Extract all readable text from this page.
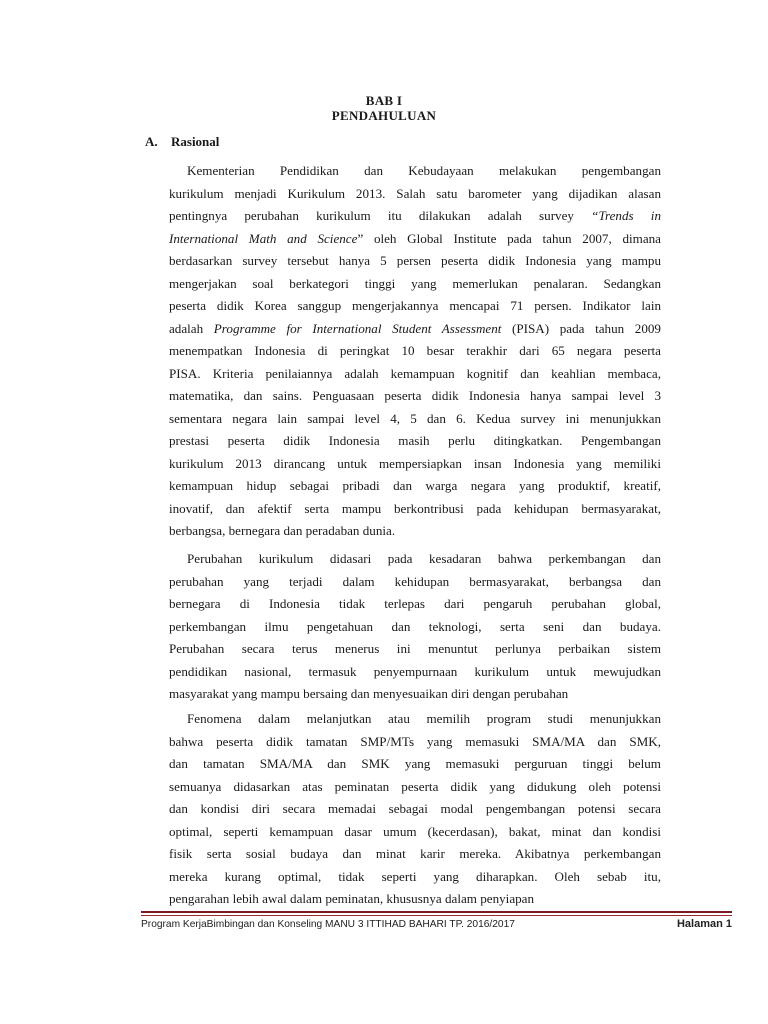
BAB I
PENDAHULUAN
A. Rasional
Kementerian Pendidikan dan Kebudayaan melakukan pengembangan
kurikulum menjadi Kurikulum 2013. Salah satu barometer yang dijadikan alasan
pentingnya perubahan kurikulum itu dilakukan adalah survey “Trends in
International Math and Science” oleh Global Institute pada tahun 2007, dimana
berdasarkan survey tersebut hanya 5 persen peserta didik Indonesia yang mampu
mengerjakan soal berkategori tinggi yang memerlukan penalaran. Sedangkan
peserta didik Korea sanggup mengerjakannya mencapai 71 persen. Indikator lain
adalah Programme for International Student Assessment (PISA) pada tahun 2009
menempatkan Indonesia di peringkat 10 besar terakhir dari 65 negara peserta
PISA. Kriteria penilaiannya adalah kemampuan kognitif dan keahlian membaca,
matematika, dan sains. Penguasaan peserta didik Indonesia hanya sampai level 3
sementara negara lain sampai level 4, 5 dan 6. Kedua survey ini menunjukkan
prestasi peserta didik Indonesia masih perlu ditingkatkan. Pengembangan
kurikulum 2013 dirancang untuk mempersiapkan insan Indonesia yang memiliki
kemampuan hidup sebagai pribadi dan warga negara yang produktif, kreatif,
inovatif, dan afektif serta mampu berkontribusi pada kehidupan bermasyarakat,
berbangsa, bernegara dan peradaban dunia.
Perubahan kurikulum didasari pada kesadaran bahwa perkembangan dan
perubahan yang terjadi dalam kehidupan bermasyarakat, berbangsa dan
bernegara di Indonesia tidak terlepas dari pengaruh perubahan global,
perkembangan ilmu pengetahuan dan teknologi, serta seni dan budaya.
Perubahan secara terus menerus ini menuntut perlunya perbaikan sistem
pendidikan nasional, termasuk penyempurnaan kurikulum untuk mewujudkan
masyarakat yang mampu bersaing dan menyesuaikan diri dengan perubahan
Fenomena dalam melanjutkan atau memilih program studi menunjukkan
bahwa peserta didik tamatan SMP/MTs yang memasuki SMA/MA dan SMK,
dan tamatan SMA/MA dan SMK yang memasuki perguruan tinggi belum
semuanya didasarkan atas peminatan peserta didik yang didukung oleh potensi
dan kondisi diri secara memadai sebagai modal pengembangan potensi secara
optimal, seperti kemampuan dasar umum (kecerdasan), bakat, minat dan kondisi
fisik serta sosial budaya dan minat karir mereka. Akibatnya perkembangan
mereka kurang optimal, tidak seperti yang diharapkan. Oleh sebab itu,
pengarahan lebih awal dalam peminatan, khususnya dalam penyiapan
Program KerjaBimbingan dan Konseling MANU 3 ITTIHAD BAHARI TP. 2016/2017	Halaman 1
